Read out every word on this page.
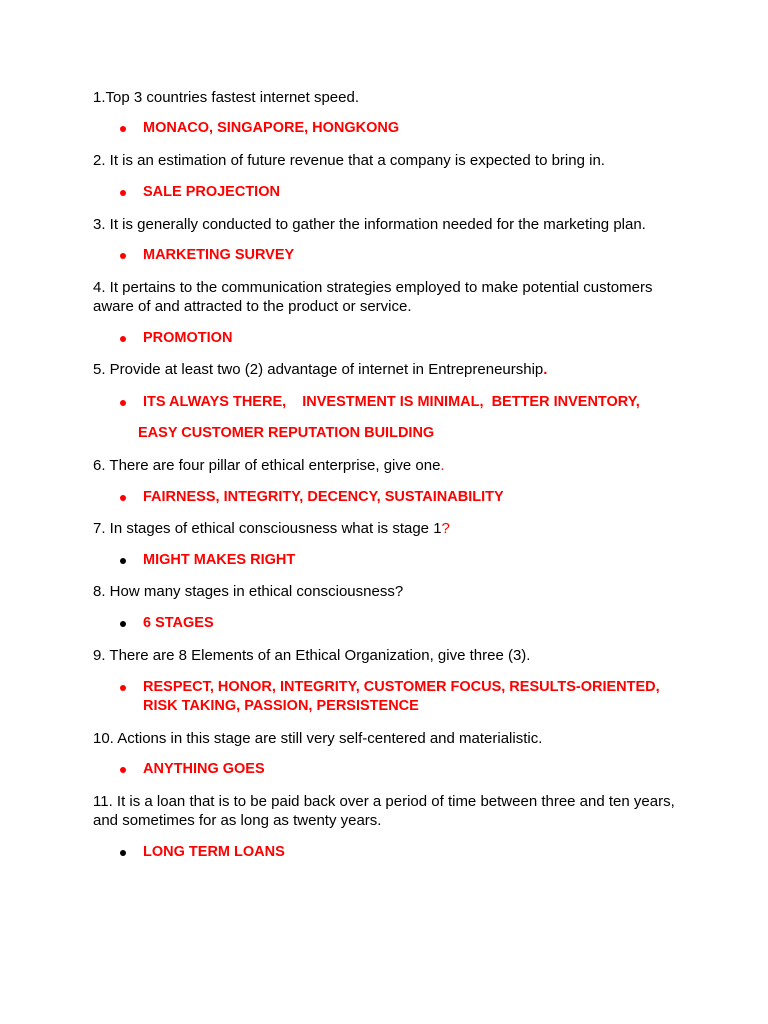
1.Top 3 countries fastest internet speed.

MONACO, SINGAPORE, HONGKONG

2. It is an estimation of future revenue that a company is expected to bring in.

SALE PROJECTION

3. It is generally conducted to gather the information needed for the marketing plan.

MARKETING SURVEY

4. It pertains to the communication strategies employed to make potential customers aware of and attracted to the product or service.

PROMOTION

5. Provide at least two (2) advantage of internet in Entrepreneurship.

ITS ALWAYS THERE,    INVESTMENT IS MINIMAL,  BETTER INVENTORY,

EASY CUSTOMER REPUTATION BUILDING

6. There are four pillar of ethical enterprise, give one.

FAIRNESS, INTEGRITY, DECENCY, SUSTAINABILITY

7. In stages of ethical consciousness what is stage 1?

MIGHT MAKES RIGHT

8. How many stages in ethical consciousness?

6 STAGES

9. There are 8 Elements of an Ethical Organization, give three (3).

RESPECT, HONOR, INTEGRITY, CUSTOMER FOCUS, RESULTS-ORIENTED, RISK TAKING, PASSION, PERSISTENCE

10. Actions in this stage are still very self-centered and materialistic.

ANYTHING GOES

11. It is a loan that is to be paid back over a period of time between three and ten years, and sometimes for as long as twenty years.

LONG TERM LOANS
